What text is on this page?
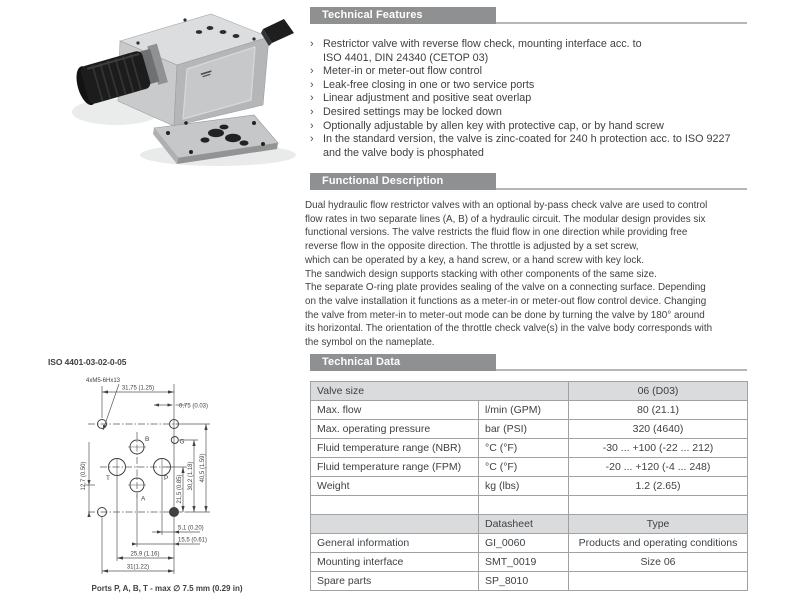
Technical Features
› Restrictor valve with reverse flow check, mounting interface acc. to
ISO 4401, DIN 24340 (CETOP 03)
› Meter-in or meter-out flow control
› Leak-free closing in one or two service ports
› Linear adjustment and positive seat overlap
› Desired settings may be locked down
› Optionally adjustable by allen key with protective cap, or by hand screw
› In the standard version, the valve is zinc-coated for 240 h protection acc. to ISO 9227
and the valve body is phosphated
Functional Description
Dual hydraulic flow restrictor valves with an optional by-pass check valve are used to control
flow rates in two separate lines (A, B) of a hydraulic circuit. The modular design provides six
functional versions. The valve restricts the fluid flow in one direction while providing free
reverse flow in the opposite direction. The throttle is adjusted by a set screw,
which can be operated by a key, a hand screw, or a hand screw with key lock.
The sandwich design supports stacking with other components of the same size.
The separate O-ring plate provides sealing of the valve on a connecting surface. Depending
on the valve installation it functions as a meter-in or meter-out flow control device. Changing
the valve from meter-in to meter-out mode can be done by turning the valve by 180° around
its horizontal. The orientation of the throttle check valve(s) in the valve body corresponds with
the symbol on the nameplate.
Technical Data
Valve size		06 (D03)
Max. flow	l/min (GPM)	80 (21.1)
Max. operating pressure	bar (PSI)	320 (4640)
Fluid temperature range (NBR)	°C (°F)	-30 ... +100 (-22 ... 212)
Fluid temperature range (FPM)	°C (°F)	-20 ... +120 (-4 ... 248)
Weight	kg (lbs)	1.2 (2.65)

	Datasheet	Type
General information	GI_0060	Products and operating conditions
Mounting interface	SMT_0019	Size 06
Spare parts	SP_8010	
ISO 4401-03-02-0-05
4xM5-6Hx13
31,75 (1.25)
0,75 (0.03)
12,7 (0.50)	21,5 (0.85) 30,2 (1.18) 40,5 (1.59)
5,1 (0.20)
15,5 (0.61)
25,9 (1.16)
31(1.22)
B	G
T	P
A
Ports P, A, B, T - max ∅ 7.5 mm (0.29 in)
